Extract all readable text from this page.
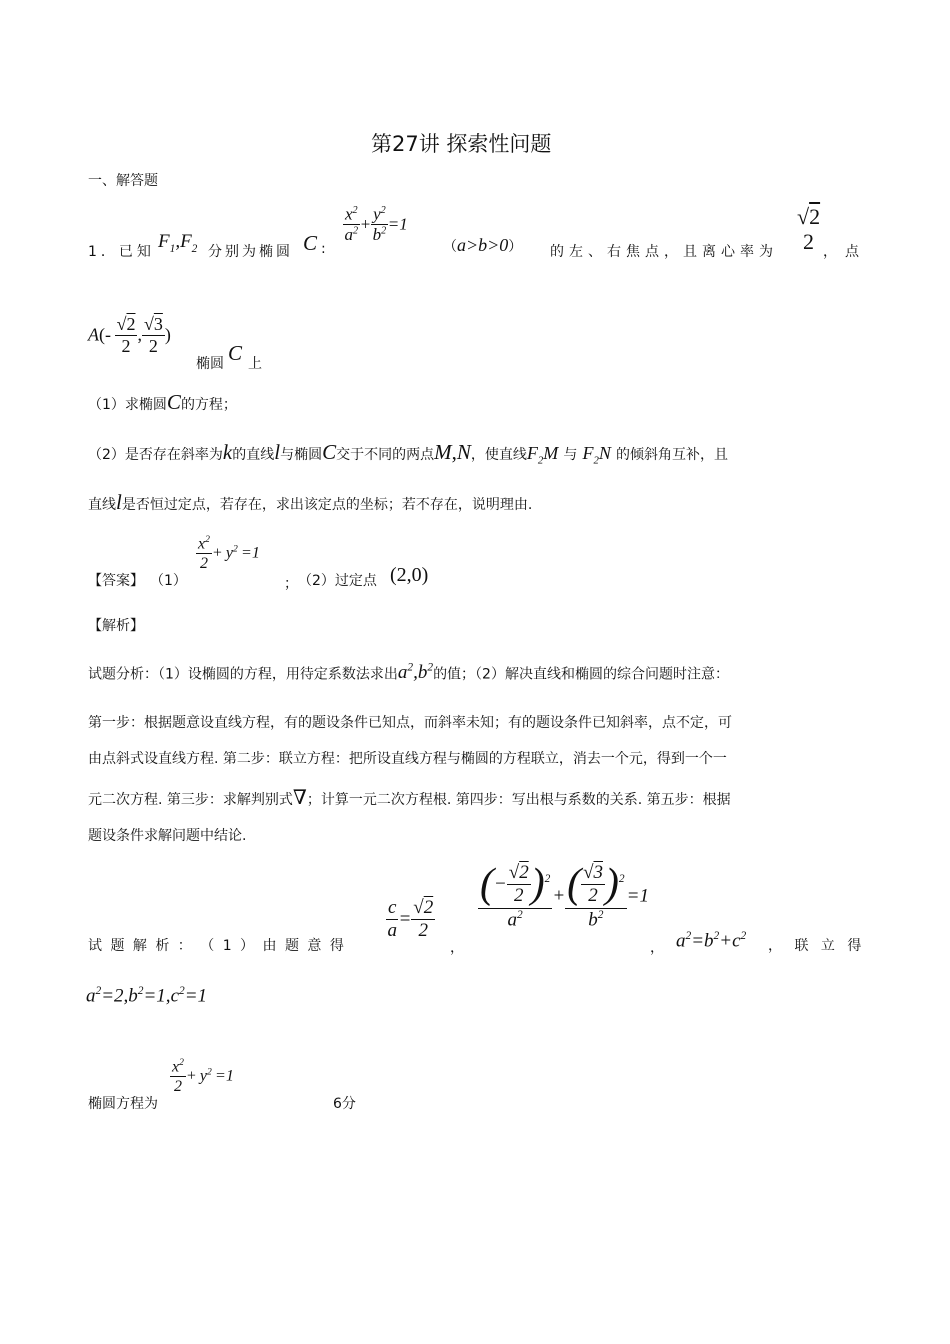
第27讲 探索性问题
一、解答题
1．已知 $F_1,F_2$ 分别为椭圆 C :
$\frac{x^2}{a^2} + \frac{y^2}{b^2} =1$
（a>b>0） 的左、右焦点，且离心率为
√2
2 ，点
$A(- \frac{√2}{2}$ , $\frac{√3}{2}$ )
椭圆 C 上
（1）求椭圆C的方程；
（2）是否存在斜率为k的直线l与椭圆C交于不同的两点M,N，使直线$F_2M$ 与 $F_2N$ 的倾斜角互补，且
直线l是否恒过定点，若存在，求出该定点的坐标；若不存在，说明理由.
【答案】 （1）
$\frac{x^2}{2} + y^2 =1$
； （2）过定点 (2,0)
【解析】
试题分析：（1）设椭圆的方程，用待定系数法求出$a^2,b^2$的值；（2）解决直线和椭圆的综合问题时注意：
第一步：根据题意设直线方程，有的题设条件已知点，而斜率未知；有的题设条件已知斜率，点不定，可
由点斜式设直线方程. 第二步：联立方程：把所设直线方程与椭圆的方程联立，消去一个元，得到一个一
元二次方程. 第三步：求解判别式∇；计算一元二次方程根. 第四步：写出根与系数的关系. 第五步：根据
题设条件求解问题中结论.
试 题 解 析 ： （ 1 ） 由 题 意 得
$\frac{c}{a} = \frac{√2}{2}$
，
$\frac{(- \frac{√2}{2} )^2}{a^2} + \frac{( \frac{√3}{2} )^2}{b^2} =1$
， $a^2=b^2+c^2$
， 联 立 得
$a^2=2,b^2=1,c^2=1$
椭圆方程为
$\frac{x^2}{2} + y^2 =1$
6分
